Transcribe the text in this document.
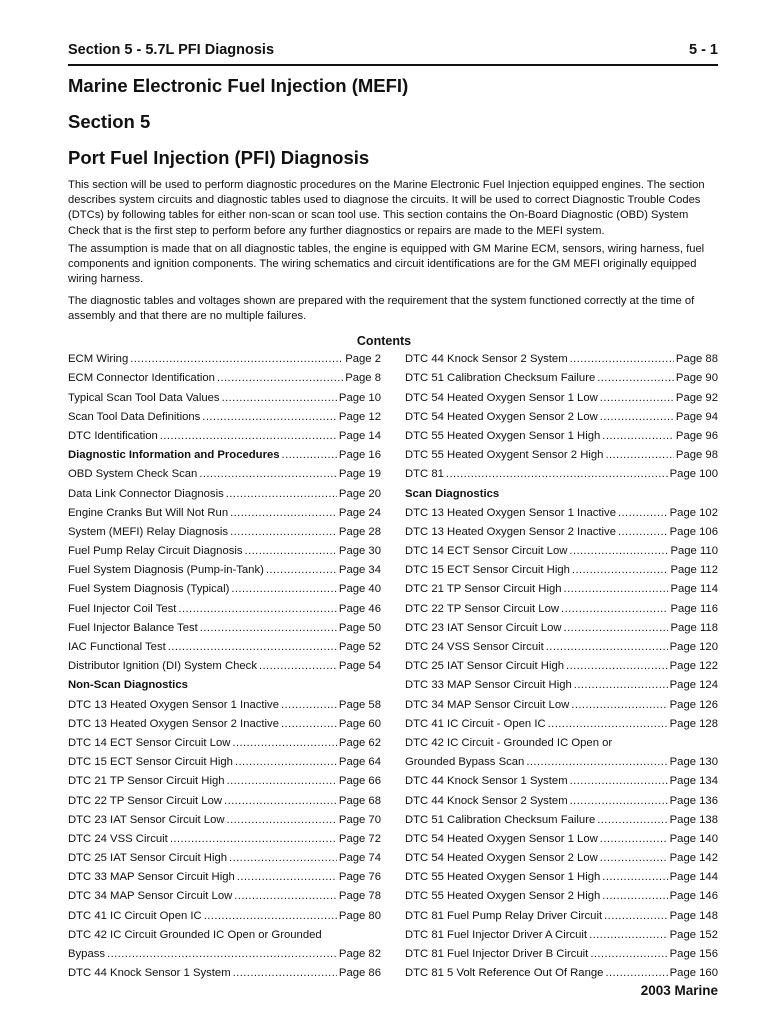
Section 5 - 5.7L PFI Diagnosis	5 - 1
Marine Electronic Fuel Injection (MEFI)
Section 5
Port Fuel Injection (PFI) Diagnosis

This section will be used to perform diagnostic procedures on the Marine Electronic Fuel Injection equipped engines. The section describes system circuits and diagnostic tables used to diagnose the circuits. It will be used to correct Diagnostic Trouble Codes (DTCs) by following tables for either non-scan or scan tool use. This section contains the On-Board Diagnostic (OBD) System Check that is the first step to perform before any further diagnostics or repairs are made to the MEFI system.

The assumption is made that on all diagnostic tables, the engine is equipped with GM Marine ECM, sensors, wiring harness, fuel components and ignition components. The wiring schematics and circuit identifications are for the GM MEFI originally equipped wiring harness.

The diagnostic tables and voltages shown are prepared with the requirement that the system functioned correctly at the time of assembly and that there are no multiple failures.

Contents
ECM Wiring .....	Page 2
ECM Connector Identification .....	Page 8
Typical Scan Tool Data Values .....	Page 10
Scan Tool Data Definitions .....	Page 12
DTC Identification .....	Page 14
Diagnostic Information and Procedures .....	Page 16
OBD System Check Scan .....	Page 19
Data Link Connector Diagnosis .....	Page 20
Engine Cranks But Will Not Run .....	Page 24
System (MEFI) Relay Diagnosis .....	Page 28
Fuel Pump Relay Circuit Diagnosis .....	Page 30
Fuel System Diagnosis (Pump-in-Tank) .....	Page 34
Fuel System Diagnosis (Typical) .....	Page 40
Fuel Injector Coil Test .....	Page 46
Fuel Injector Balance Test .....	Page 50
IAC Functional Test .....	Page 52
Distributor Ignition (DI) System Check .....	Page 54
Non-Scan Diagnostics
DTC 13 Heated Oxygen Sensor 1 Inactive .....	Page 58
DTC 13 Heated Oxygen Sensor 2 Inactive .....	Page 60
DTC 14 ECT Sensor Circuit Low .....	Page 62
DTC 15 ECT Sensor Circuit High .....	Page 64
DTC 21 TP Sensor Circuit High .....	Page 66
DTC 22 TP Sensor Circuit Low .....	Page 68
DTC 23 IAT Sensor Circuit Low .....	Page 70
DTC 24 VSS Circuit .....	Page 72
DTC 25 IAT Sensor Circuit High .....	Page 74
DTC 33 MAP Sensor Circuit High .....	Page 76
DTC 34 MAP Sensor Circuit Low .....	Page 78
DTC 41 IC Circuit Open IC .....	Page 80
DTC 42 IC Circuit Grounded IC Open or Grounded
Bypass .....	Page 82
DTC 44 Knock Sensor 1 System .....	Page 86
DTC 44 Knock Sensor 2 System .....	Page 88
DTC 51 Calibration Checksum Failure .....	Page 90
DTC 54 Heated Oxygen Sensor 1 Low .....	Page 92
DTC 54 Heated Oxygen Sensor 2 Low .....	Page 94
DTC 55 Heated Oxygen Sensor 1 High .....	Page 96
DTC 55 Heated Oxygent Sensor 2 High .....	Page 98
DTC 81 .....	Page 100
Scan Diagnostics
DTC 13 Heated Oxygen Sensor 1 Inactive .....	Page 102
DTC 13 Heated Oxygen Sensor 2 Inactive .....	Page 106
DTC 14 ECT Sensor Circuit Low .....	Page 110
DTC 15 ECT Sensor Circuit High .....	Page 112
DTC 21 TP Sensor Circuit High .....	Page 114
DTC 22 TP Sensor Circuit Low .....	Page 116
DTC 23 IAT Sensor Circuit Low .....	Page 118
DTC 24 VSS Sensor Circuit .....	Page 120
DTC 25 IAT Sensor Circuit High .....	Page 122
DTC 33 MAP Sensor Circuit High .....	Page 124
DTC 34 MAP Sensor Circuit Low .....	Page 126
DTC 41 IC Circuit - Open IC .....	Page 128
DTC 42 IC Circuit - Grounded IC Open or
Grounded Bypass Scan .....	Page 130
DTC 44 Knock Sensor 1 System .....	Page 134
DTC 44 Knock Sensor 2 System .....	Page 136
DTC 51 Calibration Checksum Failure .....	Page 138
DTC 54 Heated Oxygen Sensor 1 Low .....	Page 140
DTC 54 Heated Oxygen Sensor 2 Low .....	Page 142
DTC 55 Heated Oxygen Sensor 1 High .....	Page 144
DTC 55 Heated Oxygen Sensor 2 High .....	Page 146
DTC 81 Fuel Pump Relay Driver Circuit .....	Page 148
DTC 81 Fuel Injector Driver A Circuit .....	Page 152
DTC 81 Fuel Injector Driver B Circuit .....	Page 156
DTC 81 5 Volt Reference Out Of Range .....	Page 160
2003 Marine
